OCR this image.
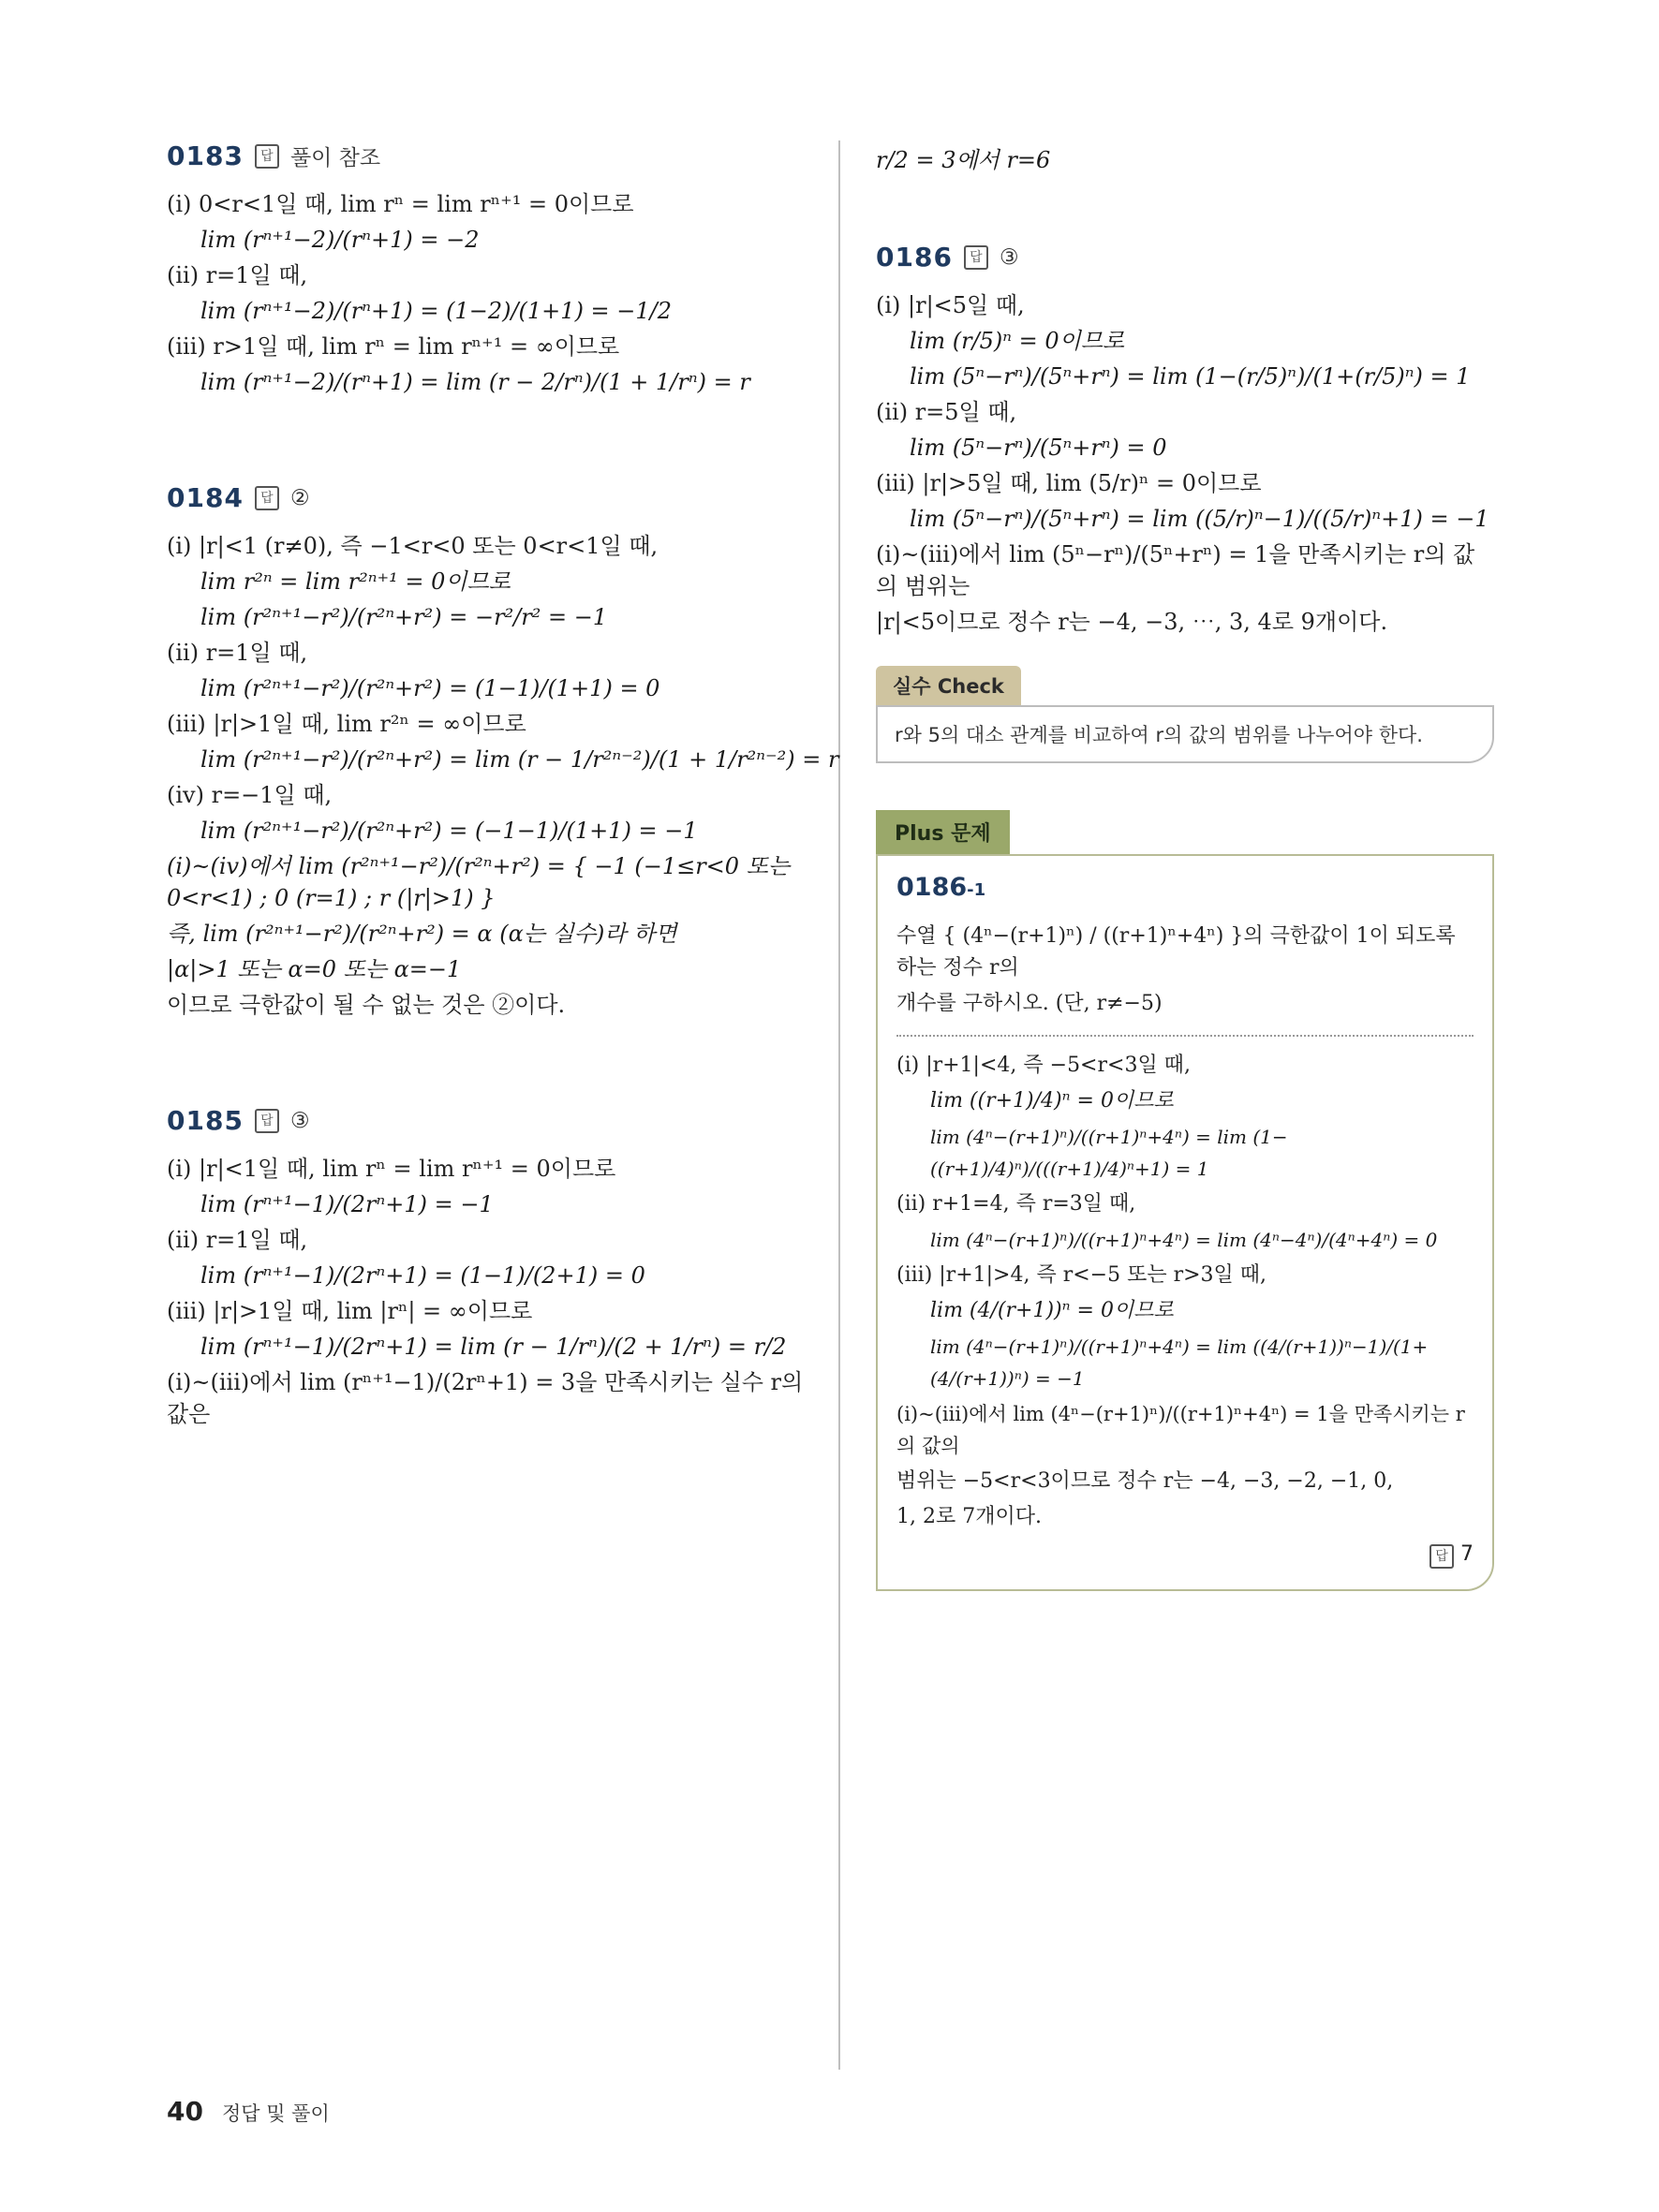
0183	답 풀이 참조
(i) 0<r<1일 때, lim rⁿ = lim rⁿ⁺¹ = 0이므로
lim (rⁿ⁺¹−2)/(rⁿ+1) = −2
(ii) r=1일 때,
lim (rⁿ⁺¹−2)/(rⁿ+1) = (1−2)/(1+1) = −1/2
(iii) r>1일 때, lim rⁿ = lim rⁿ⁺¹ = ∞이므로
lim (rⁿ⁺¹−2)/(rⁿ+1) = lim (r − 2/rⁿ)/(1 + 1/rⁿ) = r
0184	답 ②
(i) |r|<1 (r≠0), 즉 −1<r<0 또는 0<r<1일 때,
lim r²ⁿ = lim r²ⁿ⁺¹ = 0이므로
lim (r²ⁿ⁺¹−r²)/(r²ⁿ+r²) = −r²/r² = −1
(ii) r=1일 때,
lim (r²ⁿ⁺¹−r²)/(r²ⁿ+r²) = (1−1)/(1+1) = 0
(iii) |r|>1일 때, lim r²ⁿ = ∞이므로
lim (r²ⁿ⁺¹−r²)/(r²ⁿ+r²) = lim (r − 1/r²ⁿ⁻²)/(1 + 1/r²ⁿ⁻²) = r
(iv) r=−1일 때,
lim (r²ⁿ⁺¹−r²)/(r²ⁿ+r²) = (−1−1)/(1+1) = −1
(i)~(iv)에서 lim (r²ⁿ⁺¹−r²)/(r²ⁿ+r²) = { −1 (−1≤r<0 또는 0<r<1) ; 0 (r=1) ; r (|r|>1) }
즉, lim (r²ⁿ⁺¹−r²)/(r²ⁿ+r²) = α (α는 실수)라 하면
|α|>1 또는 α=0 또는 α=−1
이므로 극한값이 될 수 없는 것은 ②이다.
0185	답 ③
(i) |r|<1일 때, lim rⁿ = lim rⁿ⁺¹ = 0이므로
lim (rⁿ⁺¹−1)/(2rⁿ+1) = −1
(ii) r=1일 때,
lim (rⁿ⁺¹−1)/(2rⁿ+1) = (1−1)/(2+1) = 0
(iii) |r|>1일 때, lim |rⁿ| = ∞이므로
lim (rⁿ⁺¹−1)/(2rⁿ+1) = lim (r − 1/rⁿ)/(2 + 1/rⁿ) = r/2
(i)~(iii)에서 lim (rⁿ⁺¹−1)/(2rⁿ+1) = 3을 만족시키는 실수 r의 값은
r/2 = 3에서 r=6
0186	답 ③
(i) |r|<5일 때,
lim (r/5)ⁿ = 0이므로
lim (5ⁿ−rⁿ)/(5ⁿ+rⁿ) = lim (1−(r/5)ⁿ)/(1+(r/5)ⁿ) = 1
(ii) r=5일 때,
lim (5ⁿ−rⁿ)/(5ⁿ+rⁿ) = 0
(iii) |r|>5일 때, lim (5/r)ⁿ = 0이므로
lim (5ⁿ−rⁿ)/(5ⁿ+rⁿ) = lim ((5/r)ⁿ−1)/((5/r)ⁿ+1) = −1
(i)~(iii)에서 lim (5ⁿ−rⁿ)/(5ⁿ+rⁿ) = 1을 만족시키는 r의 값의 범위는
|r|<5이므로 정수 r는 −4, −3, ⋯, 3, 4로 9개이다.
실수 Check
r와 5의 대소 관계를 비교하여 r의 값의 범위를 나누어야 한다.
Plus 문제
0186-1
수열 { (4ⁿ−(r+1)ⁿ) / ((r+1)ⁿ+4ⁿ) }의 극한값이 1이 되도록 하는 정수 r의
개수를 구하시오. (단, r≠−5)
(i) |r+1|<4, 즉 −5<r<3일 때,
lim ((r+1)/4)ⁿ = 0이므로
lim (4ⁿ−(r+1)ⁿ)/((r+1)ⁿ+4ⁿ) = lim (1−((r+1)/4)ⁿ)/(((r+1)/4)ⁿ+1) = 1
(ii) r+1=4, 즉 r=3일 때,
lim (4ⁿ−(r+1)ⁿ)/((r+1)ⁿ+4ⁿ) = lim (4ⁿ−4ⁿ)/(4ⁿ+4ⁿ) = 0
(iii) |r+1|>4, 즉 r<−5 또는 r>3일 때,
lim (4/(r+1))ⁿ = 0이므로
lim (4ⁿ−(r+1)ⁿ)/((r+1)ⁿ+4ⁿ) = lim ((4/(r+1))ⁿ−1)/(1+(4/(r+1))ⁿ) = −1
(i)~(iii)에서 lim (4ⁿ−(r+1)ⁿ)/((r+1)ⁿ+4ⁿ) = 1을 만족시키는 r의 값의
범위는 −5<r<3이므로 정수 r는 −4, −3, −2, −1, 0,
1, 2로 7개이다.
답 7
40 정답 및 풀이
